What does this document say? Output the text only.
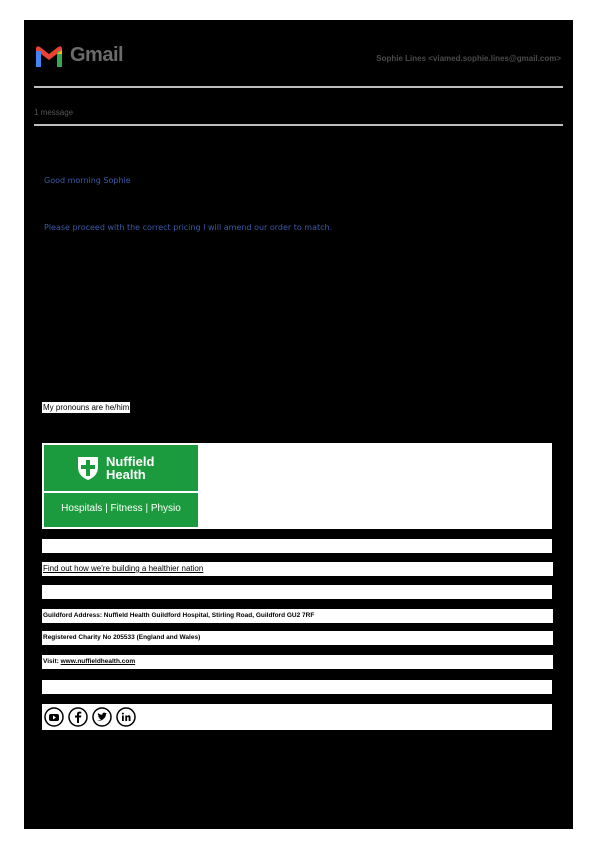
Gmail	Sophie Lines <viamed.sophie.lines@gmail.com>
1 message
Good morning Sophie
Please proceed with the correct pricing I will amend our order to match.
My pronouns are he/him
Nuffield
Health
Hospitals | Fitness | Physio
Find out how we're building a healthier nation
Guildford Address: Nuffield Health Guildford Hospital, Stirling Road, Guildford GU2 7RF
Registered Charity No 205533 (England and Wales)
Visit: www.nuffieldhealth.com
